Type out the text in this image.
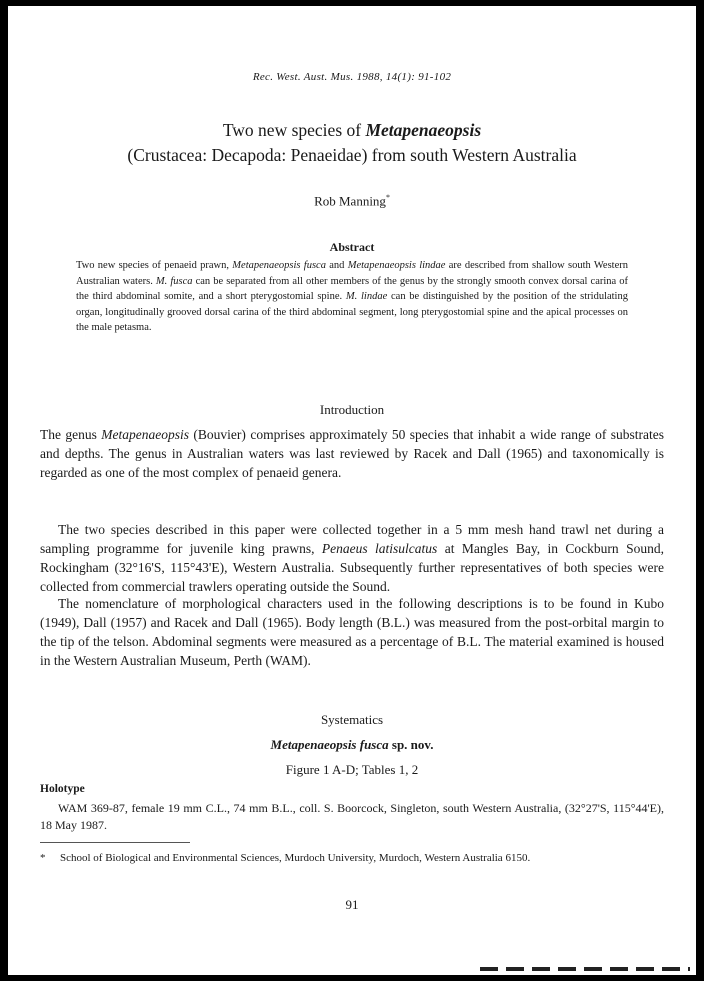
Rec. West. Aust. Mus. 1988, 14(1): 91-102
Two new species of Metapenaeopsis
(Crustacea: Decapoda: Penaeidae) from south Western Australia
Rob Manning*
Abstract
Two new species of penaeid prawn, Metapenaeopsis fusca and Metapenaeopsis lindae are described from shallow south Western Australian waters. M. fusca can be separated from all other members of the genus by the strongly smooth convex dorsal carina of the third abdominal somite, and a short pterygostomial spine. M. lindae can be distinguished by the position of the stridulating organ, longitudinally grooved dorsal carina of the third abdominal segment, long pterygostomial spine and the apical processes on the male petasma.
Introduction
The genus Metapenaeopsis (Bouvier) comprises approximately 50 species that inhabit a wide range of substrates and depths. The genus in Australian waters was last reviewed by Racek and Dall (1965) and taxonomically is regarded as one of the most complex of penaeid genera.
The two species described in this paper were collected together in a 5 mm mesh hand trawl net during a sampling programme for juvenile king prawns, Penaeus latisulcatus at Mangles Bay, in Cockburn Sound, Rockingham (32°16'S, 115°43'E), Western Australia. Subsequently further representatives of both species were collected from commercial trawlers operating outside the Sound.
The nomenclature of morphological characters used in the following descriptions is to be found in Kubo (1949), Dall (1957) and Racek and Dall (1965). Body length (B.L.) was measured from the post-orbital margin to the tip of the telson. Abdominal segments were measured as a percentage of B.L. The material examined is housed in the Western Australian Museum, Perth (WAM).
Systematics
Metapenaeopsis fusca sp. nov.
Figure 1 A-D; Tables 1, 2
Holotype
WAM 369-87, female 19 mm C.L., 74 mm B.L., coll. S. Boorcock, Singleton, south Western Australia, (32°27'S, 115°44'E), 18 May 1987.
*	School of Biological and Environmental Sciences, Murdoch University, Murdoch, Western Australia 6150.
91
